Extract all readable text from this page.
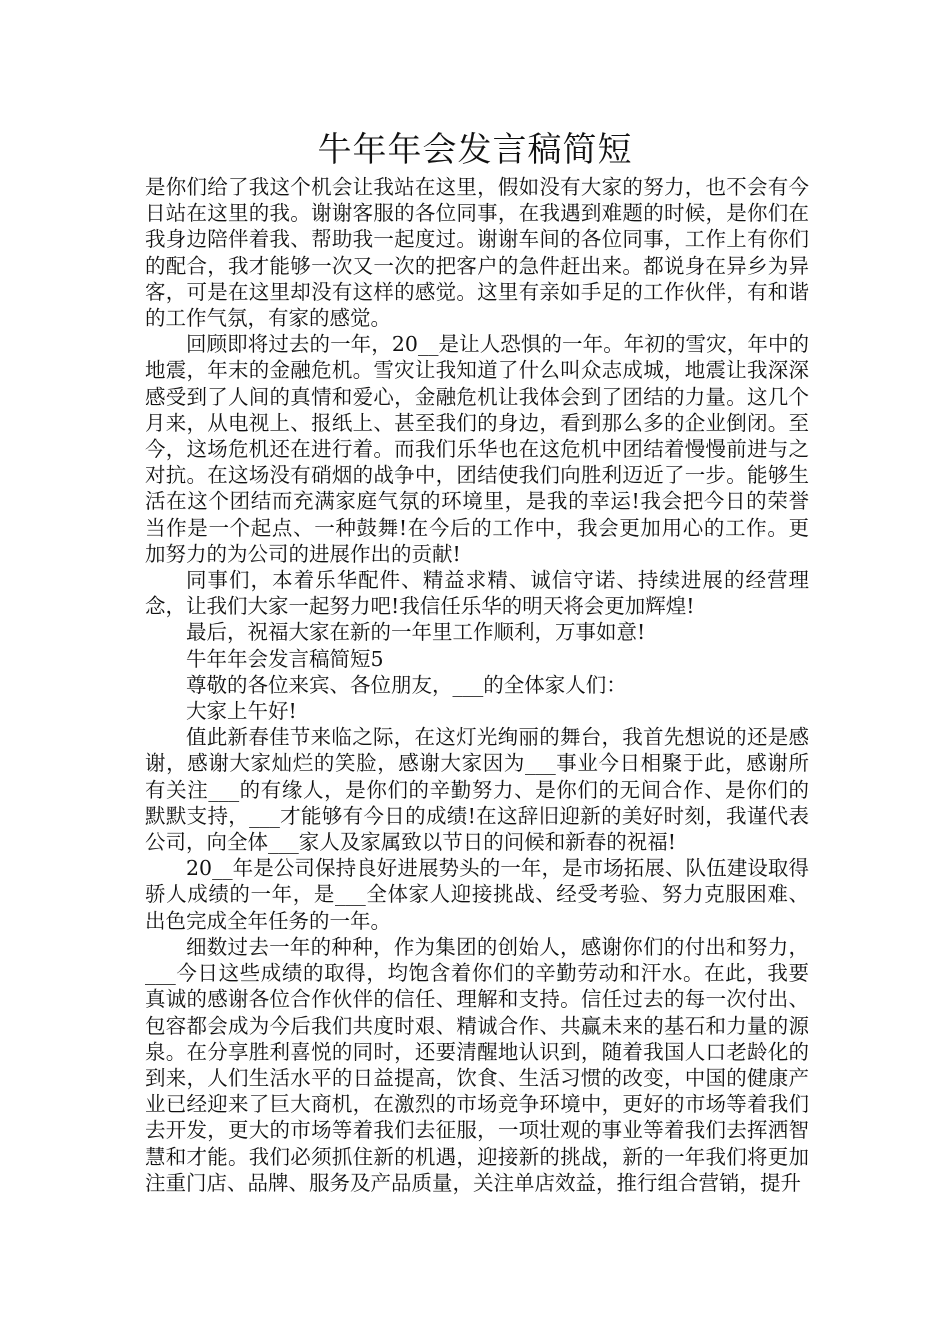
牛年年会发言稿简短

是你们给了我这个机会让我站在这里，假如没有大家的努力，也不会有今日站在这里的我。谢谢客服的各位同事，在我遇到难题的时候，是你们在我身边陪伴着我、帮助我一起度过。谢谢车间的各位同事，工作上有你们的配合，我才能够一次又一次的把客户的急件赶出来。都说身在异乡为异客，可是在这里却没有这样的感觉。这里有亲如手足的工作伙伴，有和谐的工作气氛，有家的感觉。

回顾即将过去的一年，20__是让人恐惧的一年。年初的雪灾，年中的地震，年末的金融危机。雪灾让我知道了什么叫众志成城，地震让我深深感受到了人间的真情和爱心，金融危机让我体会到了团结的力量。这几个月来，从电视上、报纸上、甚至我们的身边，看到那么多的企业倒闭。至今，这场危机还在进行着。而我们乐华也在这危机中团结着慢慢前进与之对抗。在这场没有硝烟的战争中，团结使我们向胜利迈近了一步。能够生活在这个团结而充满家庭气氛的环境里，是我的幸运!我会把今日的荣誉当作是一个起点、一种鼓舞!在今后的工作中，我会更加用心的工作。更加努力的为公司的进展作出的贡献!

同事们，本着乐华配件、精益求精、诚信守诺、持续进展的经营理念，让我们大家一起努力吧!我信任乐华的明天将会更加辉煌!

最后，祝福大家在新的一年里工作顺利，万事如意!

牛年年会发言稿简短5

尊敬的各位来宾、各位朋友，___的全体家人们：

大家上午好!

值此新春佳节来临之际，在这灯光绚丽的舞台，我首先想说的还是感谢，感谢大家灿烂的笑脸，感谢大家因为___事业今日相聚于此，感谢所有关注___的有缘人，是你们的辛勤努力、是你们的无间合作、是你们的默默支持，___才能够有今日的成绩!在这辞旧迎新的美好时刻，我谨代表公司，向全体___家人及家属致以节日的问候和新春的祝福!

20__年是公司保持良好进展势头的一年，是市场拓展、队伍建设取得骄人成绩的一年，是___全体家人迎接挑战、经受考验、努力克服困难、出色完成全年任务的一年。

细数过去一年的种种，作为集团的创始人，感谢你们的付出和努力，___今日这些成绩的取得，均饱含着你们的辛勤劳动和汗水。在此，我要真诚的感谢各位合作伙伴的信任、理解和支持。信任过去的每一次付出、包容都会成为今后我们共度时艰、精诚合作、共赢未来的基石和力量的源泉。在分享胜利喜悦的同时，还要清醒地认识到，随着我国人口老龄化的到来，人们生活水平的日益提高，饮食、生活习惯的改变，中国的健康产业已经迎来了巨大商机，在激烈的市场竞争环境中，更好的市场等着我们去开发，更大的市场等着我们去征服，一项壮观的事业等着我们去挥洒智慧和才能。我们必须抓住新的机遇，迎接新的挑战，新的一年我们将更加注重门店、品牌、服务及产品质量，关注单店效益，推行组合营销，提升
